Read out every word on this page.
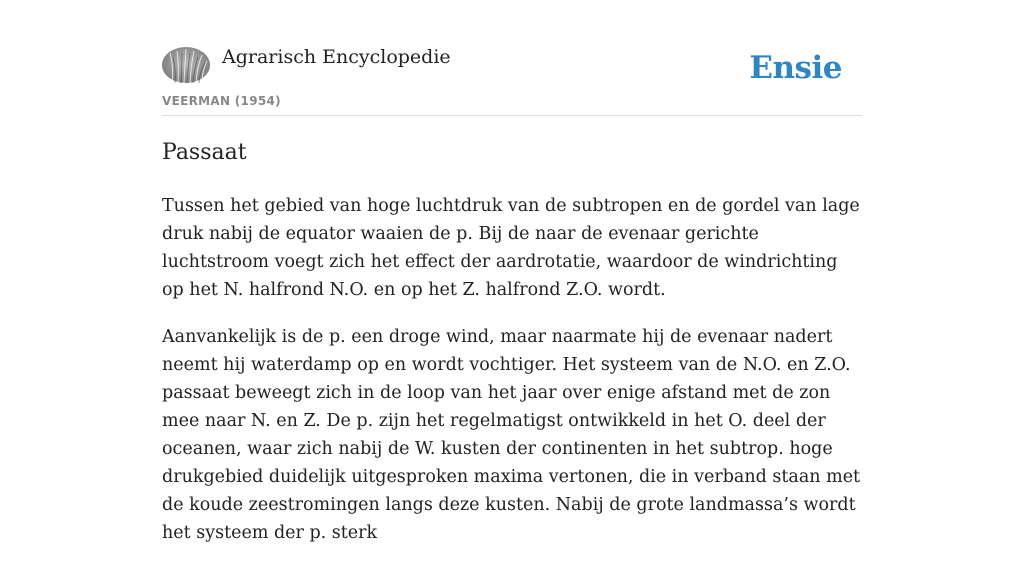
Agrarisch Encyclopedie
VEERMAN (1954)
Ensie
Passaat

Tussen het gebied van hoge luchtdruk van de subtropen en de gordel van lage druk nabij de equator waaien de p. Bij de naar de evenaar gerichte luchtstroom voegt zich het effect der aardrotatie, waardoor de windrichting op het N. halfrond N.O. en op het Z. halfrond Z.O. wordt.

Aanvankelijk is de p. een droge wind, maar naarmate hij de evenaar nadert neemt hij waterdamp op en wordt vochtiger. Het systeem van de N.O. en Z.O. passaat beweegt zich in de loop van het jaar over enige afstand met de zon mee naar N. en Z. De p. zijn het regelmatigst ontwikkeld in het O. deel der oceanen, waar zich nabij de W. kusten der continenten in het subtrop. hoge drukgebied duidelijk uitgesproken maxima vertonen, die in verband staan met de koude zeestromingen langs deze kusten. Nabij de grote landmassa’s wordt het systeem der p. sterk
